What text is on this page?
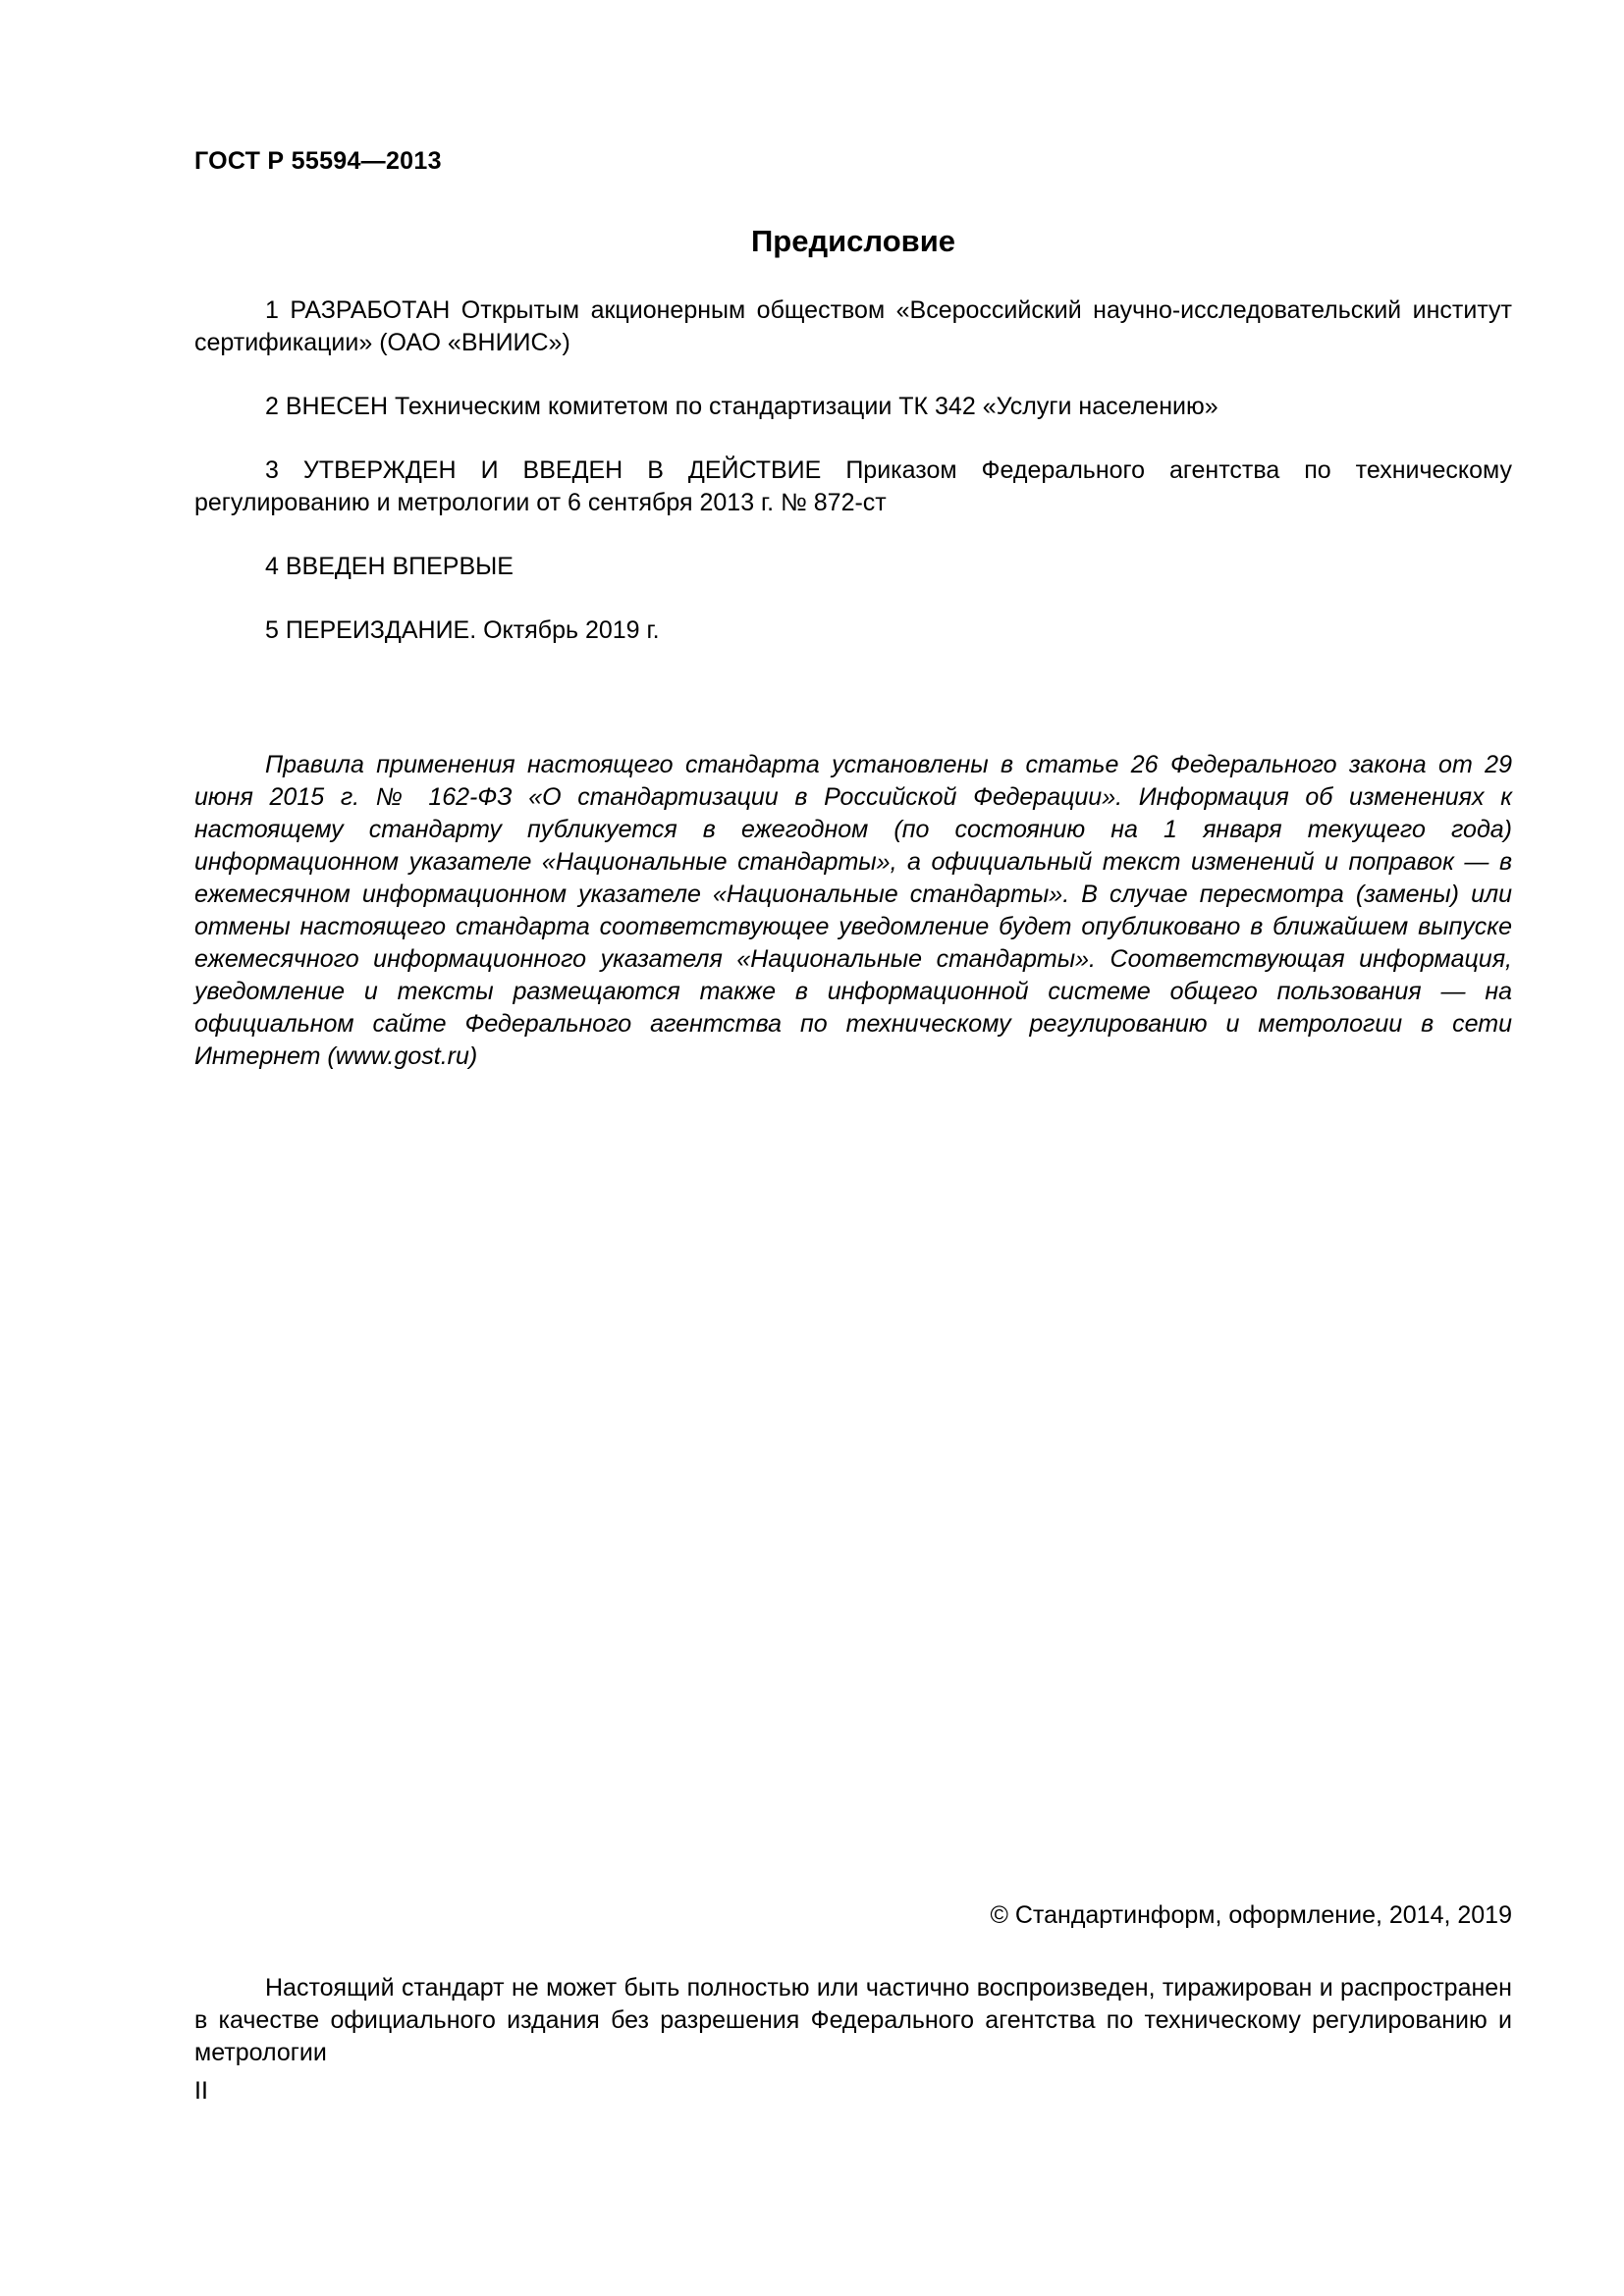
ГОСТ Р 55594—2013
Предисловие

1 РАЗРАБОТАН Открытым акционерным обществом «Всероссийский научно-исследовательский институт сертификации» (ОАО «ВНИИС»)

2 ВНЕСЕН Техническим комитетом по стандартизации ТК 342 «Услуги населению»

3 УТВЕРЖДЕН И ВВЕДЕН В ДЕЙСТВИЕ Приказом Федерального агентства по техническому регулированию и метрологии от 6 сентября 2013 г. № 872-ст

4 ВВЕДЕН ВПЕРВЫЕ

5 ПЕРЕИЗДАНИЕ. Октябрь 2019 г.

Правила применения настоящего стандарта установлены в статье 26 Федерального закона от 29 июня 2015 г. № 162-ФЗ «О стандартизации в Российской Федерации». Информация об изменениях к настоящему стандарту публикуется в ежегодном (по состоянию на 1 января текущего года) информационном указателе «Национальные стандарты», а официальный текст изменений и поправок — в ежемесячном информационном указателе «Национальные стандарты». В случае пересмотра (замены) или отмены настоящего стандарта соответствующее уведомление будет опубликовано в ближайшем выпуске ежемесячного информационного указателя «Национальные стандарты». Соответствующая информация, уведомление и тексты размещаются также в информационной системе общего пользования — на официальном сайте Федерального агентства по техническому регулированию и метрологии в сети Интернет (www.gost.ru)

© Стандартинформ, оформление, 2014, 2019

Настоящий стандарт не может быть полностью или частично воспроизведен, тиражирован и распространен в качестве официального издания без разрешения Федерального агентства по техническому регулированию и метрологии

II
